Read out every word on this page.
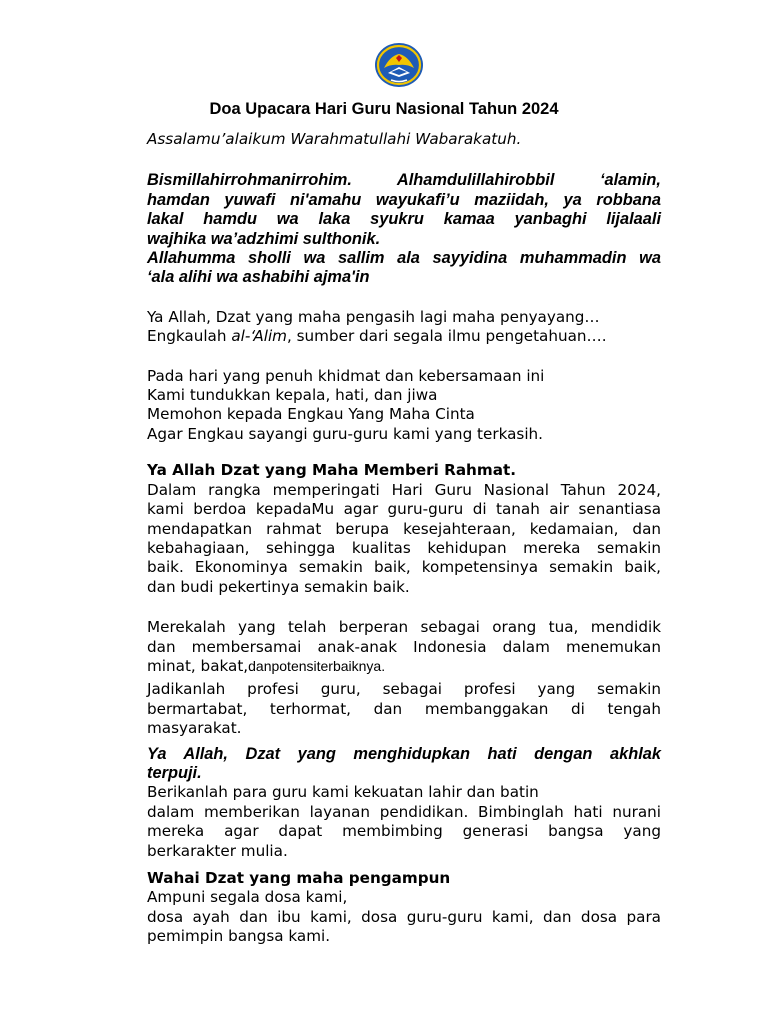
Doa Upacara Hari Guru Nasional Tahun 2024

Assalamu’alaikum Warahmatullahi Wabarakatuh.

Bismillahirrohmanirrohim. Alhamdulillahirobbil ‘alamin,

hamdan yuwafi ni'amahu wayukafi’u maziidah, ya robbana

lakal hamdu wa laka syukru kamaa yanbaghi lijalaali

wajhika wa’adzhimi sulthonik.

Allahumma sholli wa sallim ala sayyidina muhammadin wa

‘ala alihi wa ashabihi ajma'in

Ya Allah, Dzat yang maha pengasih lagi maha penyayang…

Engkaulah al-‘Alim, sumber dari segala ilmu pengetahuan….

Pada hari yang penuh khidmat dan kebersamaan ini

Kami tundukkan kepala, hati, dan jiwa

Memohon kepada Engkau Yang Maha Cinta

Agar Engkau sayangi guru-guru kami yang terkasih.

Ya Allah Dzat yang Maha Memberi Rahmat.

Dalam rangka memperingati Hari Guru Nasional Tahun 2024,

kami berdoa kepadaMu agar guru-guru di tanah air senantiasa

mendapatkan rahmat berupa kesejahteraan, kedamaian, dan

kebahagiaan, sehingga kualitas kehidupan mereka semakin

baik. Ekonominya semakin baik, kompetensinya semakin baik,

dan budi pekertinya semakin baik.

Merekalah yang telah berperan sebagai orang tua, mendidik

dan membersamai anak-anak Indonesia dalam menemukan

minat, bakat,danpotensiterbaiknya.

Jadikanlah profesi guru, sebagai profesi yang semakin

bermartabat, terhormat, dan membanggakan di tengah

masyarakat.

Ya Allah, Dzat yang menghidupkan hati dengan akhlak

terpuji.

Berikanlah para guru kami kekuatan lahir dan batin

dalam memberikan layanan pendidikan. Bimbinglah hati nurani

mereka agar dapat membimbing generasi bangsa yang

berkarakter mulia.

Wahai Dzat yang maha pengampun

Ampuni segala dosa kami,

dosa ayah dan ibu kami, dosa guru-guru kami, dan dosa para

pemimpin bangsa kami.
